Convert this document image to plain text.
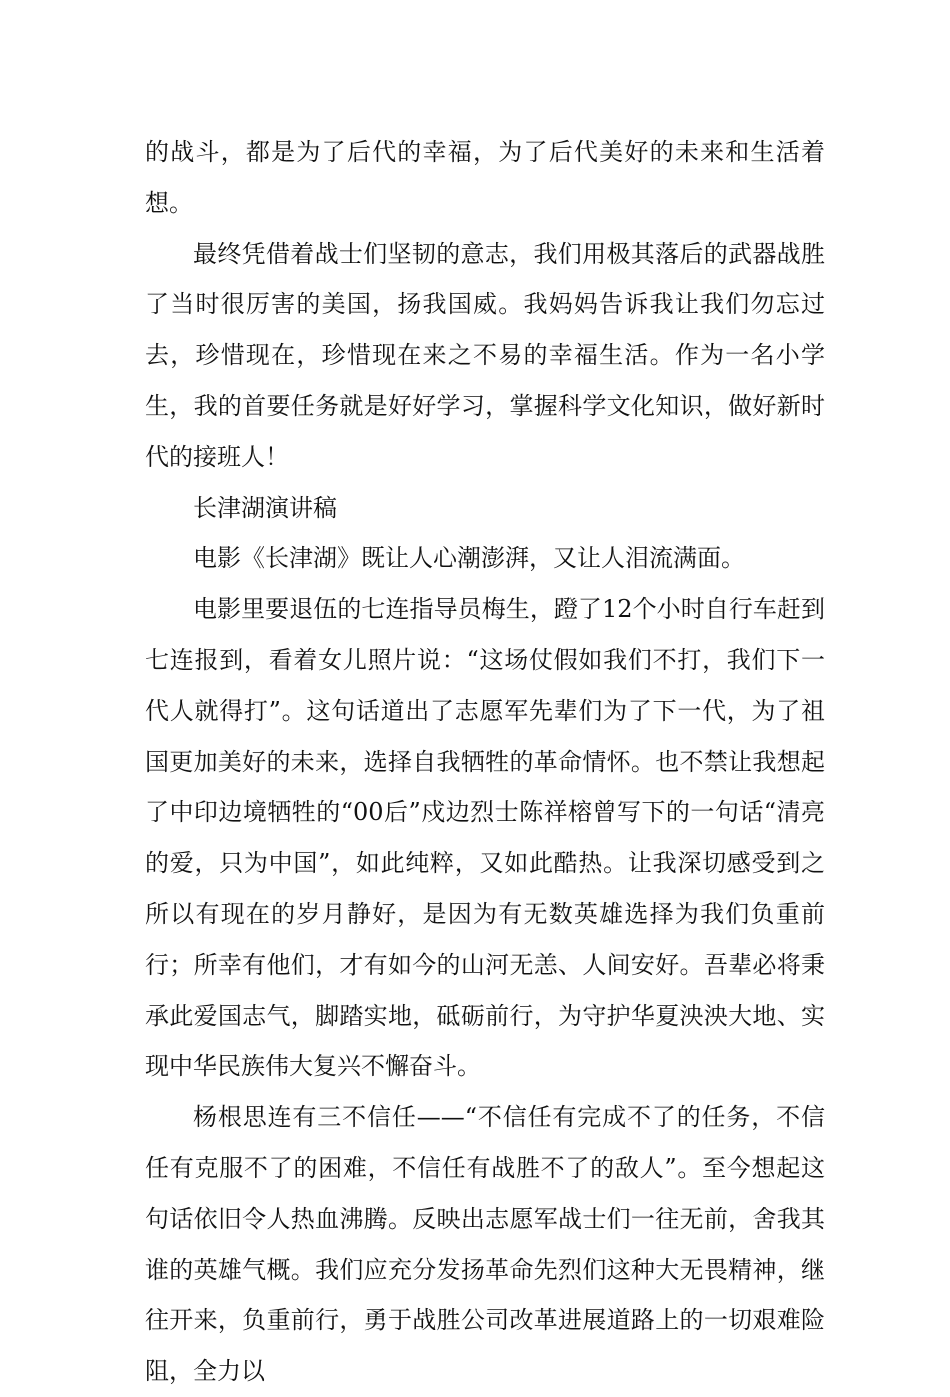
的战斗，都是为了后代的幸福，为了后代美好的未来和生活着想。

最终凭借着战士们坚韧的意志，我们用极其落后的武器战胜了当时很厉害的美国，扬我国威。我妈妈告诉我让我们勿忘过去，珍惜现在，珍惜现在来之不易的幸福生活。作为一名小学生，我的首要任务就是好好学习，掌握科学文化知识，做好新时代的接班人！

长津湖演讲稿

电影《长津湖》既让人心潮澎湃，又让人泪流满面。

电影里要退伍的七连指导员梅生，蹬了12个小时自行车赶到七连报到，看着女儿照片说：“这场仗假如我们不打，我们下一代人就得打”。这句话道出了志愿军先辈们为了下一代，为了祖国更加美好的未来，选择自我牺牲的革命情怀。也不禁让我想起了中印边境牺牲的“00后”戍边烈士陈祥榕曾写下的一句话“清亮的爱，只为中国”，如此纯粹，又如此酷热。让我深切感受到之所以有现在的岁月静好，是因为有无数英雄选择为我们负重前行；所幸有他们，才有如今的山河无恙、人间安好。吾辈必将秉承此爱国志气，脚踏实地，砥砺前行，为守护华夏泱泱大地、实现中华民族伟大复兴不懈奋斗。

杨根思连有三不信任——“不信任有完成不了的任务，不信任有克服不了的困难，不信任有战胜不了的敌人”。至今想起这句话依旧令人热血沸腾。反映出志愿军战士们一往无前，舍我其谁的英雄气概。我们应充分发扬革命先烈们这种大无畏精神，继往开来，负重前行，勇于战胜公司改革进展道路上的一切艰难险阻，全力以
